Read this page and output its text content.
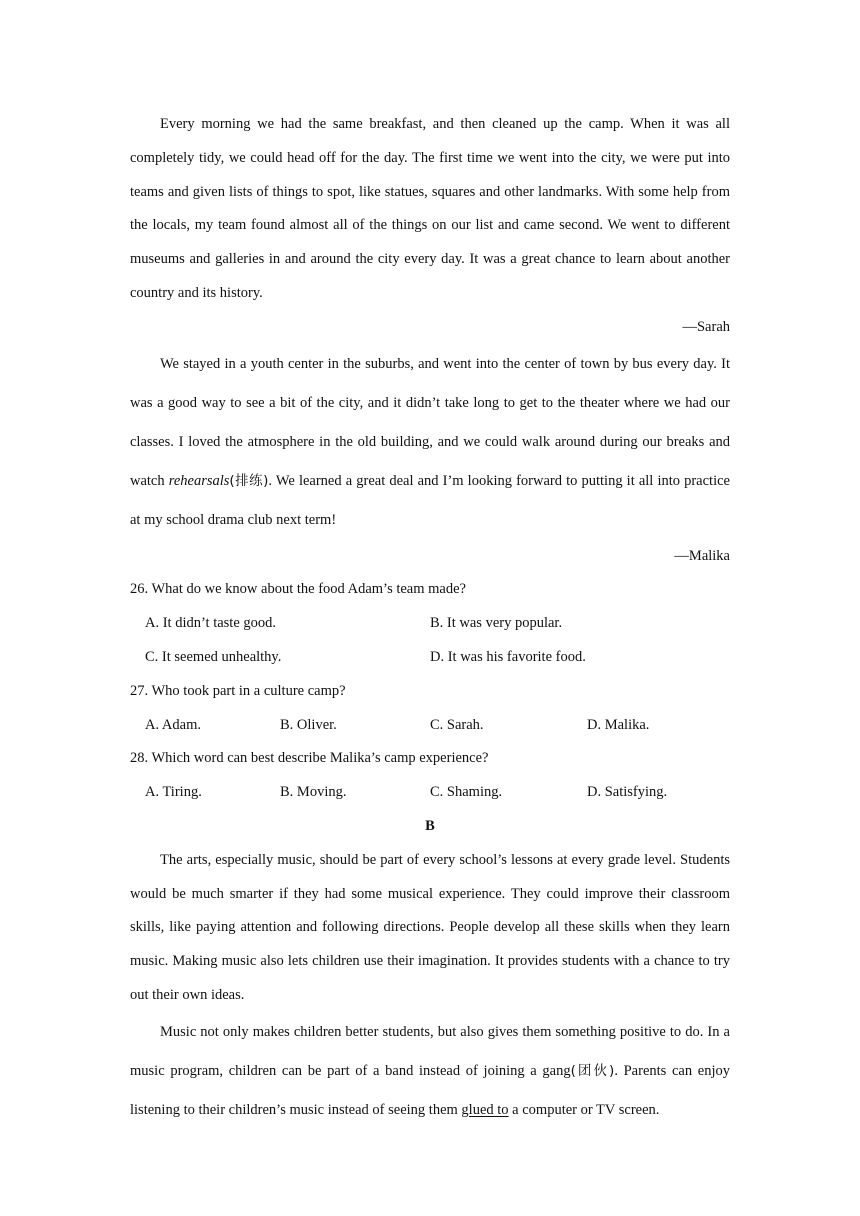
Every morning we had the same breakfast, and then cleaned up the camp. When it was all completely tidy, we could head off for the day. The first time we went into the city, we were put into teams and given lists of things to spot, like statues, squares and other landmarks. With some help from the locals, my team found almost all of the things on our list and came second. We went to different museums and galleries in and around the city every day. It was a great chance to learn about another country and its history.

—Sarah

We stayed in a youth center in the suburbs, and went into the center of town by bus every day. It was a good way to see a bit of the city, and it didn’t take long to get to the theater where we had our classes. I loved the atmosphere in the old building, and we could walk around during our breaks and watch rehearsals(排练). We learned a great deal and I’m looking forward to putting it all into practice at my school drama club next term!

—Malika

26. What do we know about the food Adam’s team made?

A. It didn’t taste good.	B. It was very popular.
C. It seemed unhealthy.	D. It was his favorite food.

27. Who took part in a culture camp?

A. Adam.	B. Oliver.	C. Sarah.	D. Malika.

28. Which word can best describe Malika’s camp experience?

A. Tiring.	B. Moving.	C. Shaming.	D. Satisfying.

B

The arts, especially music, should be part of every school’s lessons at every grade level. Students would be much smarter if they had some musical experience. They could improve their classroom skills, like paying attention and following directions. People develop all these skills when they learn music. Making music also lets children use their imagination. It provides students with a chance to try out their own ideas.

Music not only makes children better students, but also gives them something positive to do. In a music program, children can be part of a band instead of joining a gang(团伙). Parents can enjoy listening to their children’s music instead of seeing them glued to a computer or TV screen.
